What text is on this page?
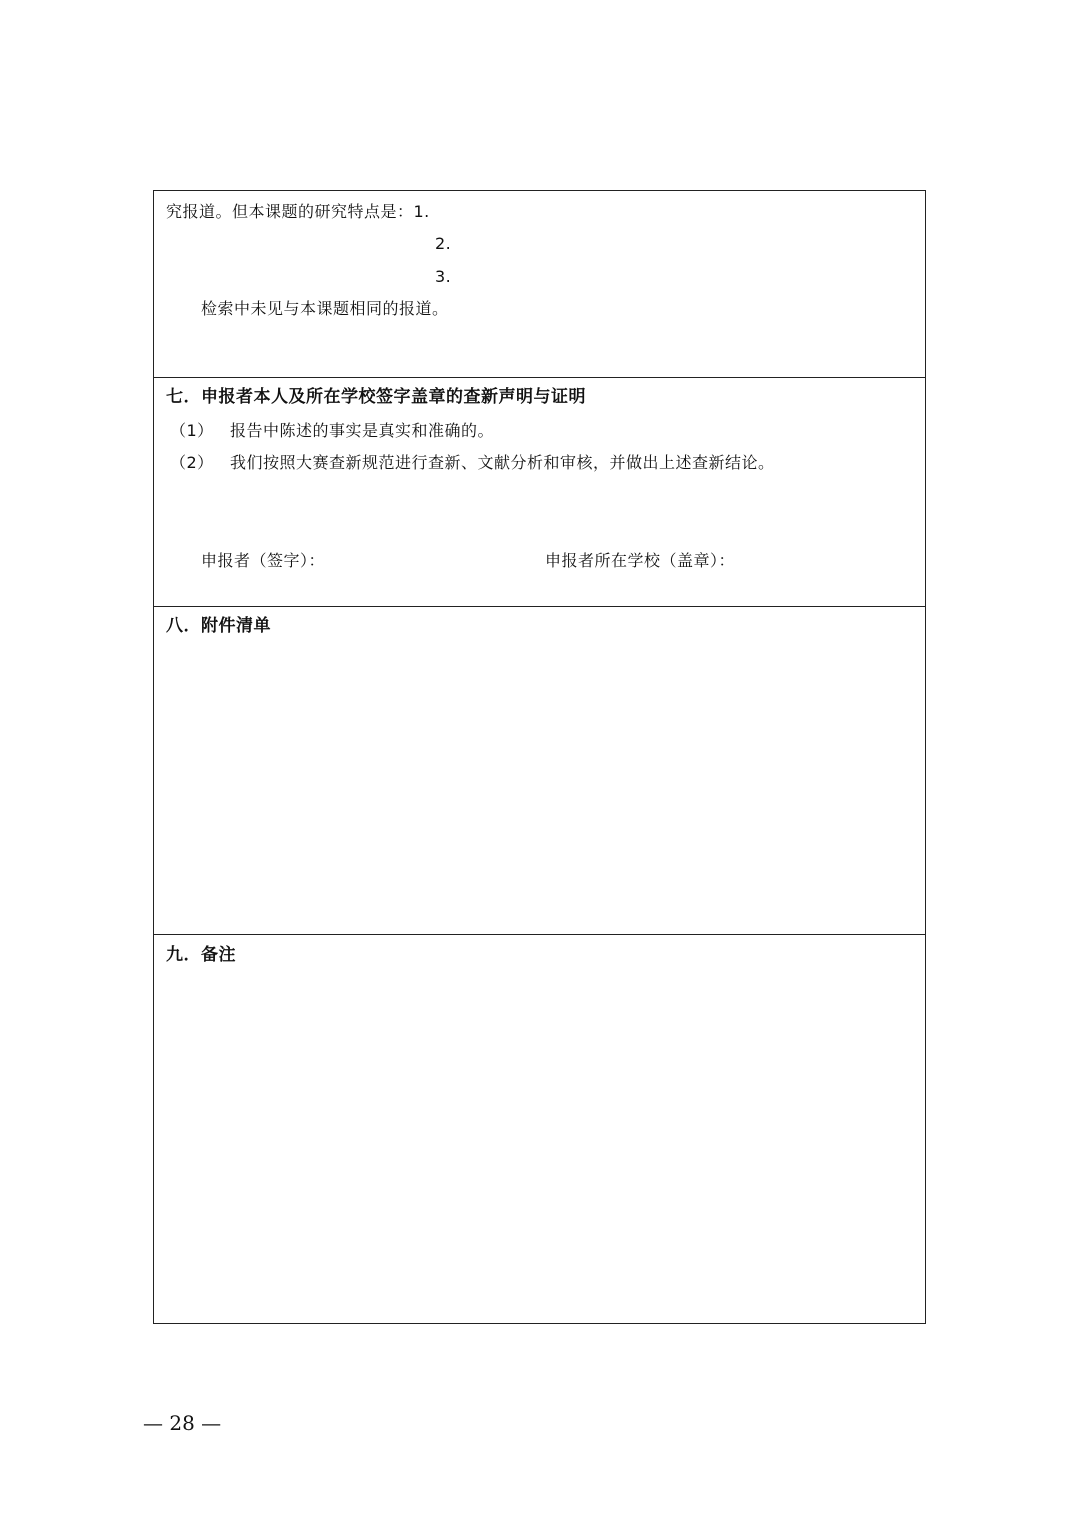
究报道。但本课题的研究特点是：1.
2.
3.
检索中未见与本课题相同的报道。
七．申报者本人及所在学校签字盖章的查新声明与证明
（1） 报告中陈述的事实是真实和准确的。
（2） 我们按照大赛查新规范进行查新、文献分析和审核，并做出上述查新结论。
申报者（签字）：	申报者所在学校（盖章）：
八．附件清单
九．备注
— 28 —
